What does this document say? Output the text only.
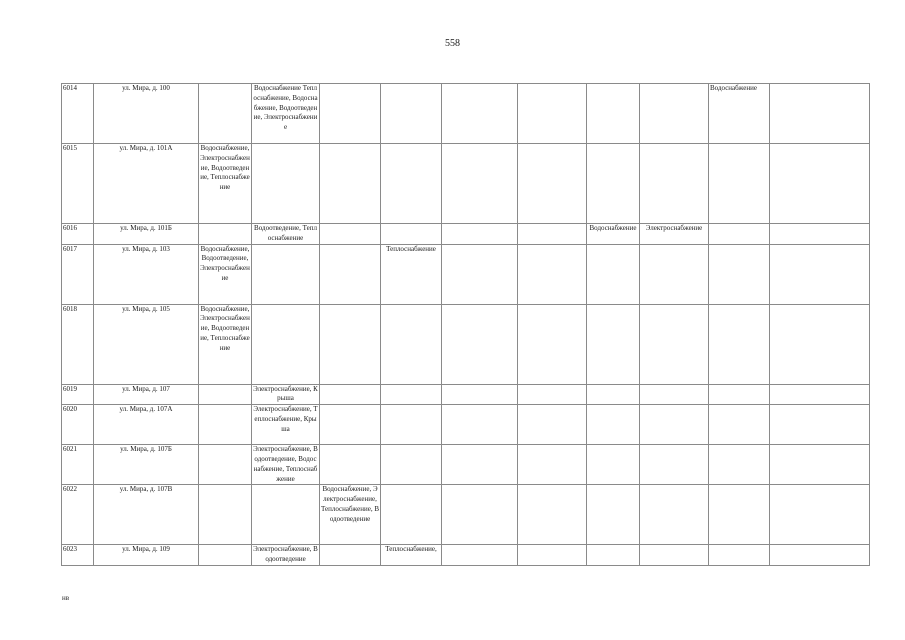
558
6014	ул. Мира, д. 100		Водоснабжение Теплоснабжение, Водоснабжение, Водоотведение, Электроснабжение							Водоснабжение	
6015	ул. Мира, д. 101А	Водоснабжение, Электроснабжение, Водоотведение, Теплоснабжение									
6016	ул. Мира, д. 101Б		Водоотведение, Теплоснабжение					Водоснабжение	Электроснабжение		
6017	ул. Мира, д. 103	Водоснабжение, Водоотведение, Электроснабжение			Теплоснабжение						
6018	ул. Мира, д. 105	Водоснабжение, Электроснабжение, Водоотведение, Теплоснабжение									
6019	ул. Мира, д. 107		Электроснабжение, Крыша								
6020	ул. Мира, д. 107А		Электроснабжение, Теплоснабжение, Крыша								
6021	ул. Мира, д. 107Б		Электроснабжение, Водоотведение, Водоснабжение, Теплоснабжение								
6022	ул. Мира, д. 107В			Водоснабжение, Электроснабжение, Теплоснабжение, Водоотведение							
6023	ул. Мира, д. 109		Электроснабжение, Водоотведение		Теплоснабжение,						
нв
